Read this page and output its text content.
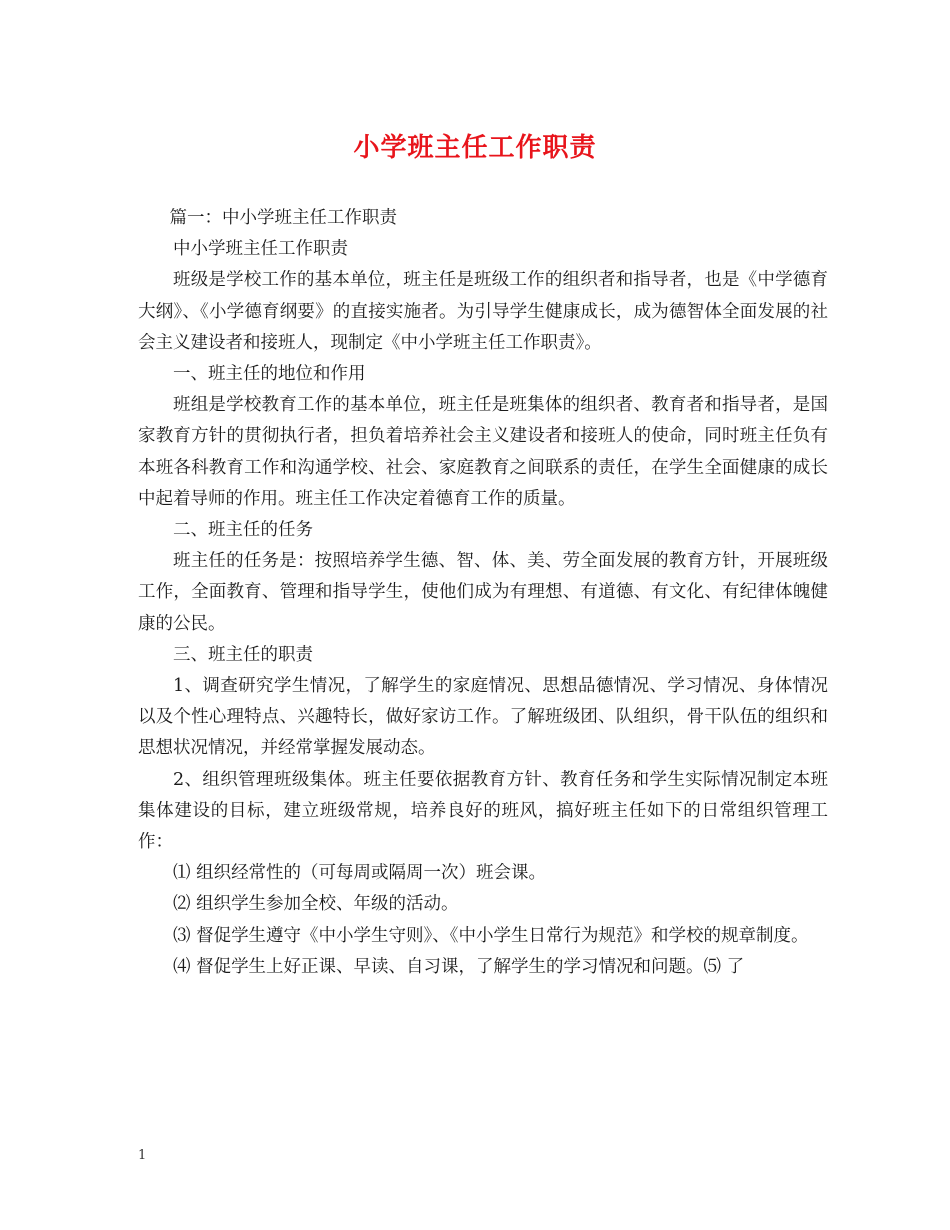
小学班主任工作职责

篇一：中小学班主任工作职责

中小学班主任工作职责

班级是学校工作的基本单位，班主任是班级工作的组织者和指导者，也是《中学德育大纲》、《小学德育纲要》的直接实施者。为引导学生健康成长，成为德智体全面发展的社会主义建设者和接班人，现制定《中小学班主任工作职责》。

一、班主任的地位和作用

班组是学校教育工作的基本单位，班主任是班集体的组织者、教育者和指导者，是国家教育方针的贯彻执行者，担负着培养社会主义建设者和接班人的使命，同时班主任负有本班各科教育工作和沟通学校、社会、家庭教育之间联系的责任，在学生全面健康的成长中起着导师的作用。班主任工作决定着德育工作的质量。

二、班主任的任务

班主任的任务是：按照培养学生德、智、体、美、劳全面发展的教育方针，开展班级工作，全面教育、管理和指导学生，使他们成为有理想、有道德、有文化、有纪律体魄健康的公民。

三、班主任的职责

1、调查研究学生情况，了解学生的家庭情况、思想品德情况、学习情况、身体情况以及个性心理特点、兴趣特长，做好家访工作。了解班级团、队组织，骨干队伍的组织和思想状况情况，并经常掌握发展动态。

2、组织管理班级集体。班主任要依据教育方针、教育任务和学生实际情况制定本班集体建设的目标，建立班级常规，培养良好的班风，搞好班主任如下的日常组织管理工作：

⑴ 组织经常性的（可每周或隔周一次）班会课。

⑵ 组织学生参加全校、年级的活动。

⑶ 督促学生遵守《中小学生守则》、《中小学生日常行为规范》和学校的规章制度。

⑷ 督促学生上好正课、早读、自习课，了解学生的学习情况和问题。⑸ 了

1
